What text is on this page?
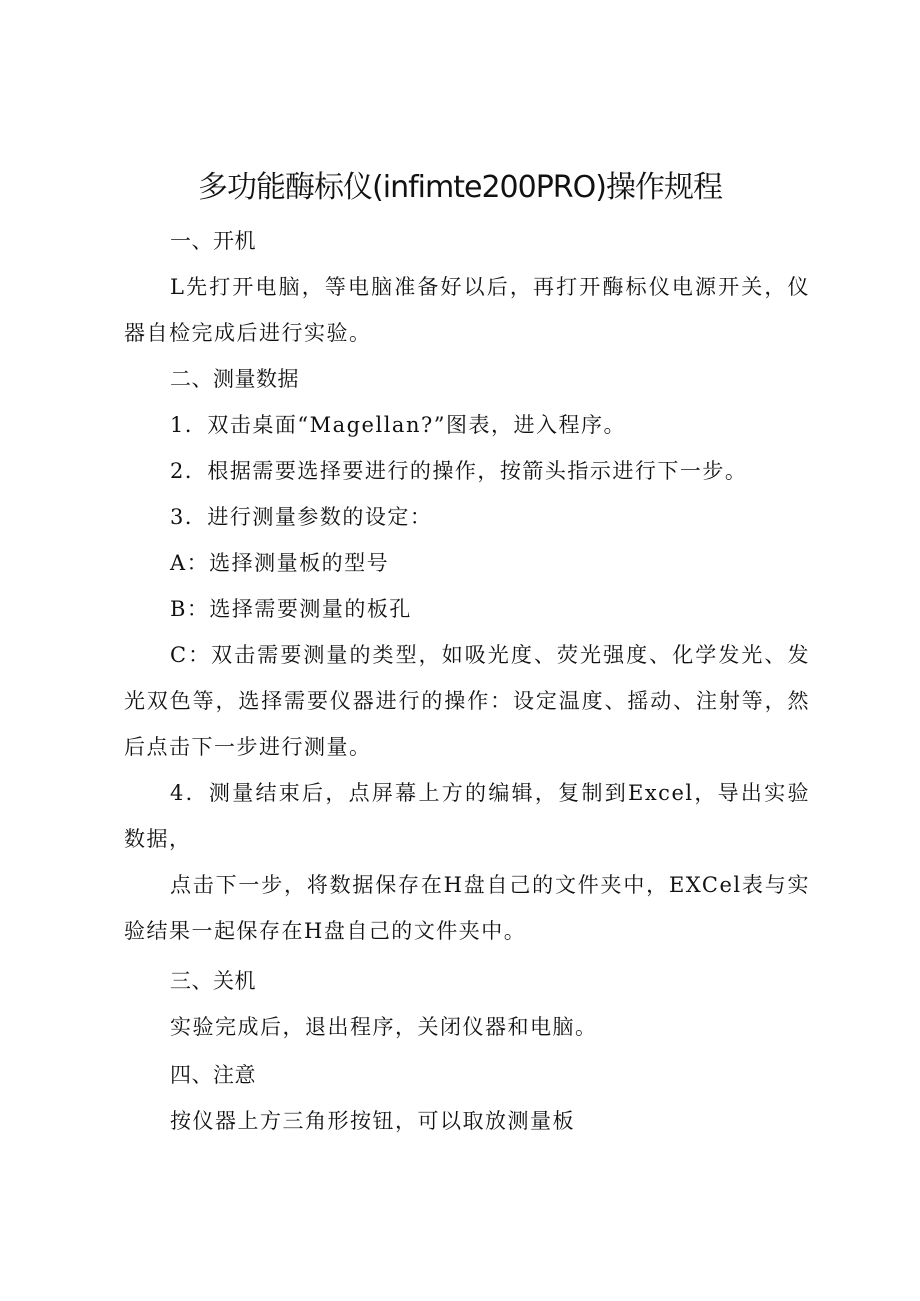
多功能酶标仪(infimte200PRO)操作规程
一、开机

L先打开电脑，等电脑准备好以后，再打开酶标仪电源开关，仪器自检完成后进行实验。

二、测量数据
1．双击桌面“Magellan?”图表，进入程序。
2．根据需要选择要进行的操作，按箭头指示进行下一步。
3．进行测量参数的设定：
A：选择测量板的型号
B：选择需要测量的板孔

C：双击需要测量的类型，如吸光度、荧光强度、化学发光、发光双色等，选择需要仪器进行的操作：设定温度、摇动、注射等，然后点击下一步进行测量。

4．测量结束后，点屏幕上方的编辑，复制到Excel，导出实验数据，

点击下一步，将数据保存在H盘自己的文件夹中，EXCel表与实验结果一起保存在H盘自己的文件夹中。

三、关机
实验完成后，退出程序，关闭仪器和电脑。
四、注意
按仪器上方三角形按钮，可以取放测量板
